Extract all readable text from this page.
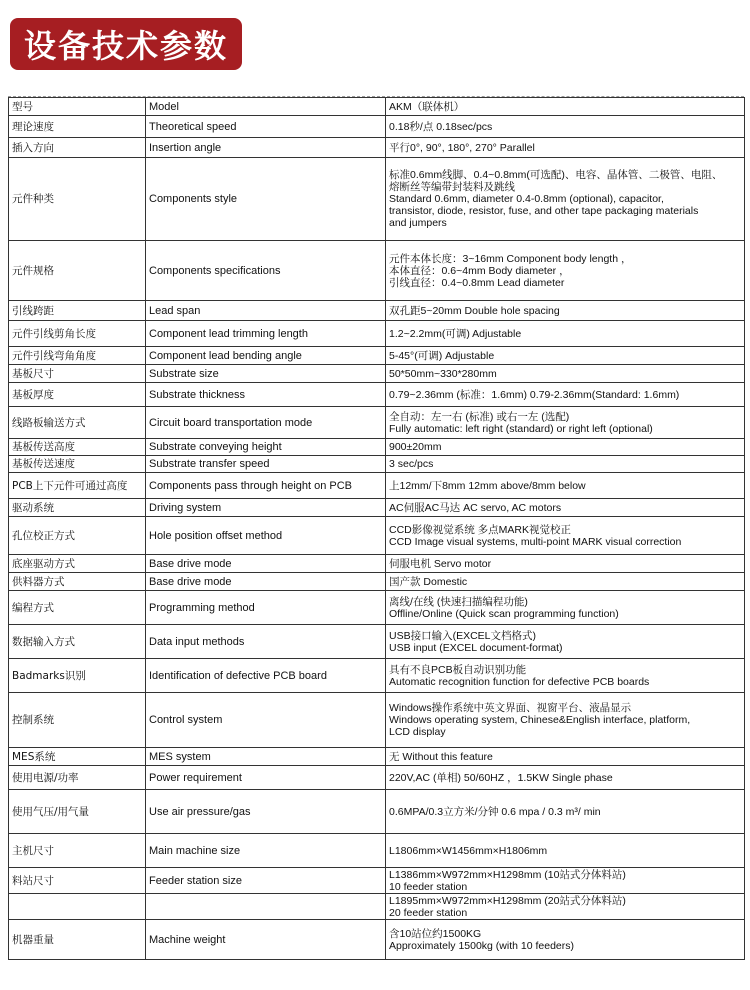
设备技术参数
型号	Model	AKM（联体机）

理论速度	Theoretical speed	0.18秒/点 0.18sec/pcs

插入方向	Insertion angle	平行0°, 90°, 180°, 270° Parallel

元件种类	Components style	标准0.6mm线脚、0.4~0.8mm(可选配)、电容、晶体管、二极管、电阻、
熔断丝等编带封装料及跳线
Standard 0.6mm, diameter 0.4-0.8mm (optional), capacitor,
transistor, diode, resistor, fuse, and other tape packaging materials
and jumpers

元件规格	Components specifications	元件本体长度：3~16mm Component body length ，
本体直径：0.6~4mm Body diameter ，
引线直径：0.4~0.8mm Lead diameter

引线跨距	Lead span	双孔距5~20mm Double hole spacing

元件引线剪角长度	Component lead trimming length	1.2~2.2mm(可调) Adjustable

元件引线弯角角度	Component lead bending angle	5-45°(可调) Adjustable

基板尺寸	Substrate size	50*50mm~330*280mm

基板厚度	Substrate thickness	0.79~2.36mm (标准：1.6mm) 0.79-2.36mm(Standard: 1.6mm)

线路板输送方式	Circuit board transportation mode	全自动：左一右 (标准) 或右一左 (选配)
Fully automatic: left right (standard) or right left (optional)

基板传送高度	Substrate conveying height	900±20mm

基板传送速度	Substrate transfer speed	3 sec/pcs

PCB上下元件可通过高度	Components pass through height on PCB	上12mm/下8mm 12mm above/8mm below

驱动系统	Driving system	AC伺服AC马达 AC servo, AC motors

孔位校正方式	Hole position offset method	CCD影像视觉系统 多点MARK视觉校正
CCD Image visual systems, multi-point MARK visual correction

底座驱动方式	Base drive mode	伺服电机 Servo motor

供料器方式	Base drive mode	国产款 Domestic

编程方式	Programming method	离线/在线 (快速扫描编程功能)
Offline/Online (Quick scan programming function)

数据输入方式	Data input methods	USB接口输入(EXCEL文档格式)
USB input (EXCEL document-format)

Badmarks识别	Identification of defective PCB board	具有不良PCB板自动识别功能
Automatic recognition function for defective PCB boards

控制系统	Control system	Windows操作系统中英文界面、视窗平台、液晶显示
Windows operating system, Chinese&English interface, platform,
LCD display

MES系统	MES system	无 Without this feature

使用电源/功率	Power requirement	220V,AC (单相) 50/60HZ ，1.5KW Single phase

使用气压/用气量	Use air pressure/gas	0.6MPA/0.3立方米/分钟 0.6 mpa / 0.3 m³/ min

主机尺寸	Main machine size	L1806mm×W1456mm×H1806mm

料站尺寸	Feeder station size	L1386mm×W972mm×H1298mm (10站式分体料站)
10 feeder station

		L1895mm×W972mm×H1298mm (20站式分体料站)
20 feeder station

机器重量	Machine weight	含10站位约1500KG
Approximately 1500kg (with 10 feeders)
